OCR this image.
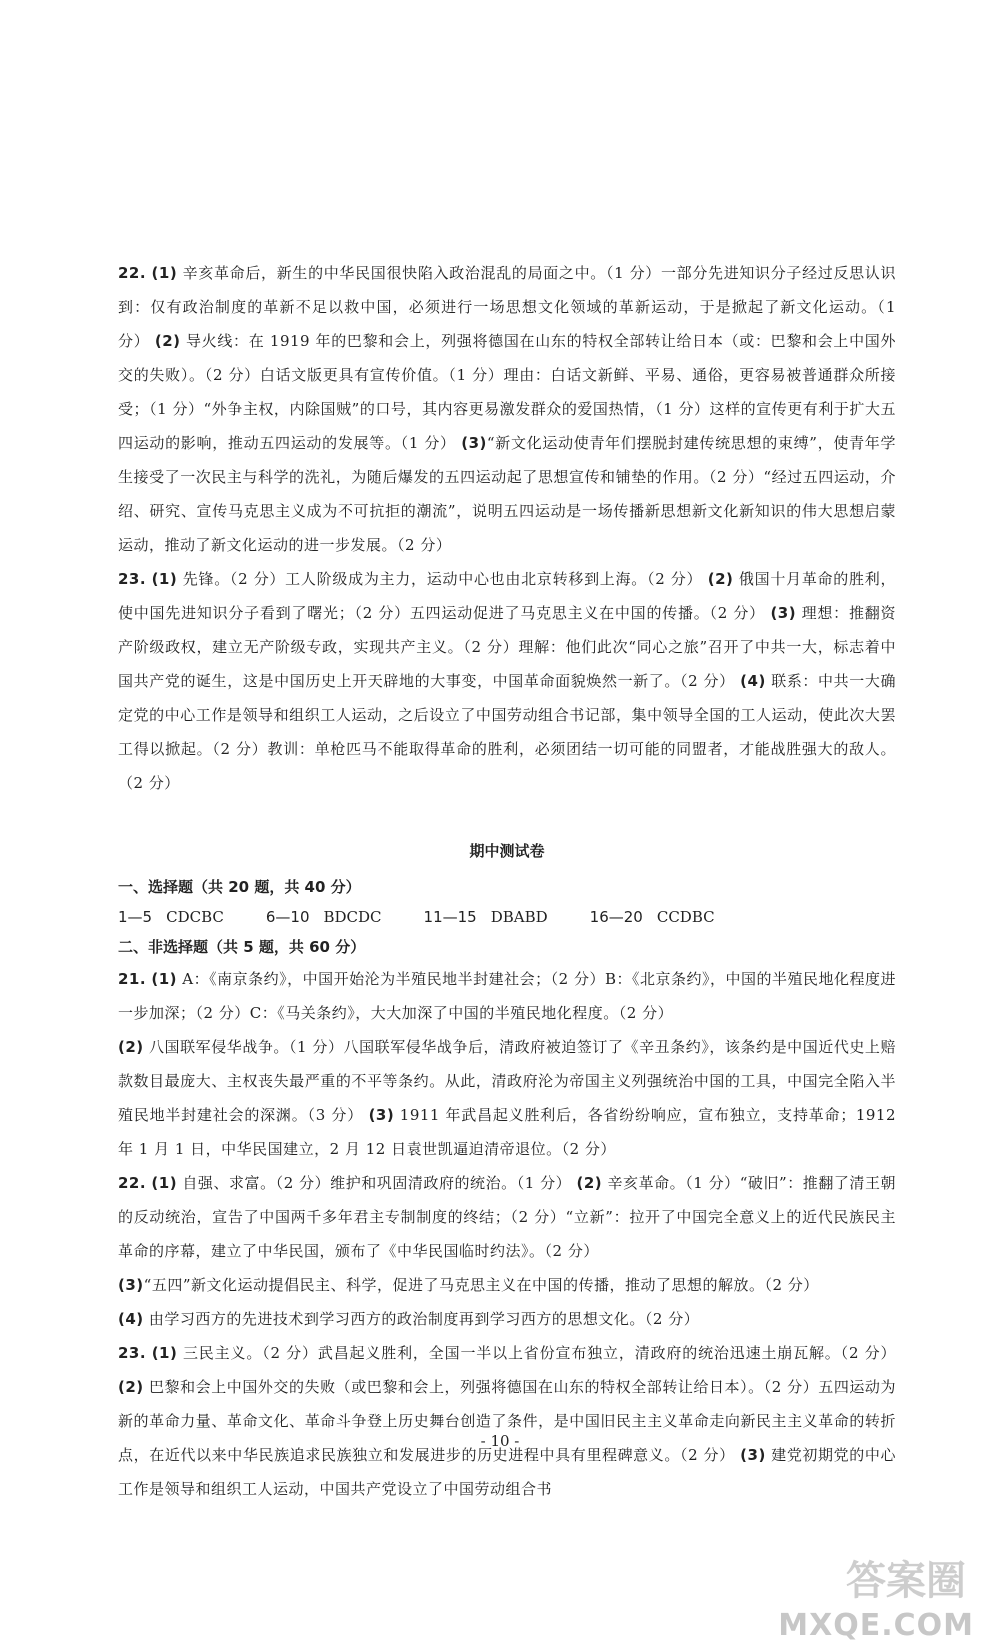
22. (1) 辛亥革命后，新生的中华民国很快陷入政治混乱的局面之中。（1 分）一部分先进知识分子经过反思认识到：仅有政治制度的革新不足以救中国，必须进行一场思想文化领域的革新运动，于是掀起了新文化运动。（1 分） (2) 导火线：在 1919 年的巴黎和会上，列强将德国在山东的特权全部转让给日本（或：巴黎和会上中国外交的失败）。（2 分）白话文版更具有宣传价值。（1 分）理由：白话文新鲜、平易、通俗，更容易被普通群众所接受；（1 分）“外争主权，内除国贼”的口号，其内容更易激发群众的爱国热情，（1 分）这样的宣传更有利于扩大五四运动的影响，推动五四运动的发展等。（1 分） (3)“新文化运动使青年们摆脱封建传统思想的束缚”，使青年学生接受了一次民主与科学的洗礼，为随后爆发的五四运动起了思想宣传和铺垫的作用。（2 分）“经过五四运动，介绍、研究、宣传马克思主义成为不可抗拒的潮流”，说明五四运动是一场传播新思想新文化新知识的伟大思想启蒙运动，推动了新文化运动的进一步发展。（2 分）

23. (1) 先锋。（2 分）工人阶级成为主力，运动中心也由北京转移到上海。（2 分） (2) 俄国十月革命的胜利，使中国先进知识分子看到了曙光；（2 分）五四运动促进了马克思主义在中国的传播。（2 分） (3) 理想：推翻资产阶级政权，建立无产阶级专政，实现共产主义。（2 分）理解：他们此次“同心之旅”召开了中共一大，标志着中国共产党的诞生，这是中国历史上开天辟地的大事变，中国革命面貌焕然一新了。（2 分） (4) 联系：中共一大确定党的中心工作是领导和组织工人运动，之后设立了中国劳动组合书记部，集中领导全国的工人运动，使此次大罢工得以掀起。（2 分）教训：单枪匹马不能取得革命的胜利，必须团结一切可能的同盟者，才能战胜强大的敌人。（2 分）

期中测试卷

一、选择题（共 20 题，共 40 分）

1—5 CDCBC	6—10 BDCDC	11—15 DBABD	16—20 CCDBC

二、非选择题（共 5 题，共 60 分）

21. (1) A：《南京条约》，中国开始沦为半殖民地半封建社会；（2 分）B：《北京条约》，中国的半殖民地化程度进一步加深；（2 分）C：《马关条约》，大大加深了中国的半殖民地化程度。（2 分）
(2) 八国联军侵华战争。（1 分）八国联军侵华战争后，清政府被迫签订了《辛丑条约》，该条约是中国近代史上赔款数目最庞大、主权丧失最严重的不平等条约。从此，清政府沦为帝国主义列强统治中国的工具，中国完全陷入半殖民地半封建社会的深渊。（3 分） (3) 1911 年武昌起义胜利后，各省纷纷响应，宣布独立，支持革命；1912 年 1 月 1 日，中华民国建立，2 月 12 日袁世凯逼迫清帝退位。（2 分）

22. (1) 自强、求富。（2 分）维护和巩固清政府的统治。（1 分） (2) 辛亥革命。（1 分）“破旧”：推翻了清王朝的反动统治，宣告了中国两千多年君主专制制度的终结；（2 分）“立新”：拉开了中国完全意义上的近代民族民主革命的序幕，建立了中华民国，颁布了《中华民国临时约法》。（2 分）
(3)“五四”新文化运动提倡民主、科学，促进了马克思主义在中国的传播，推动了思想的解放。（2 分）
(4) 由学习西方的先进技术到学习西方的政治制度再到学习西方的思想文化。（2 分）

23. (1) 三民主义。（2 分）武昌起义胜利，全国一半以上省份宣布独立，清政府的统治迅速土崩瓦解。（2 分） (2) 巴黎和会上中国外交的失败（或巴黎和会上，列强将德国在山东的特权全部转让给日本）。（2 分）五四运动为新的革命力量、革命文化、革命斗争登上历史舞台创造了条件，是中国旧民主主义革命走向新民主主义革命的转折点，在近代以来中华民族追求民族独立和发展进步的历史进程中具有里程碑意义。（2 分） (3) 建党初期党的中心工作是领导和组织工人运动，中国共产党设立了中国劳动组合书

- 10 -
答案圈
MXQE.COM
